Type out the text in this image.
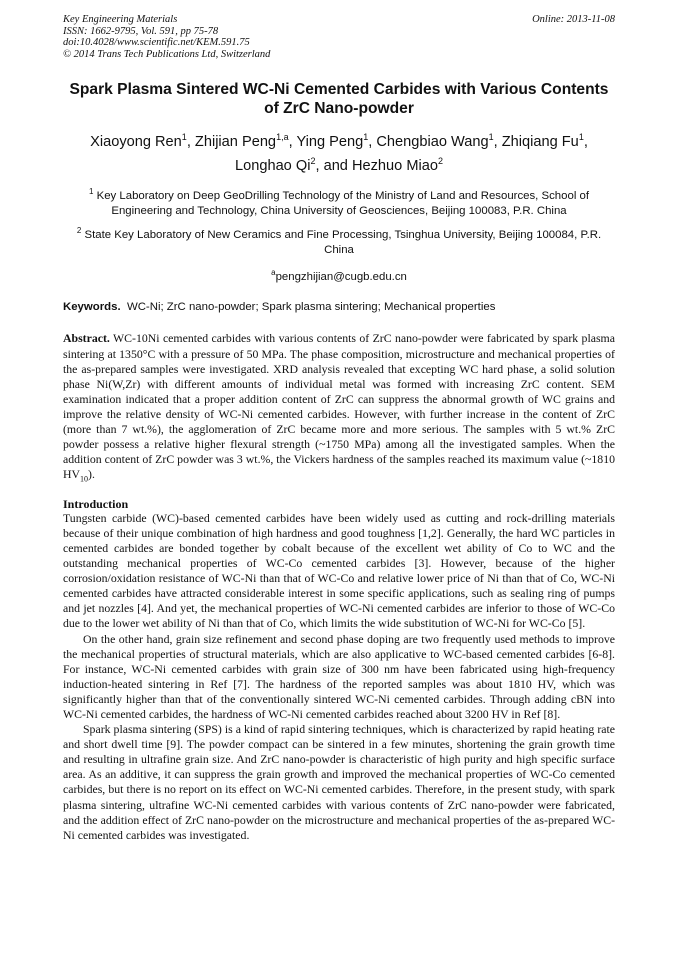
Key Engineering Materials
ISSN: 1662-9795, Vol. 591, pp 75-78
doi:10.4028/www.scientific.net/KEM.591.75
© 2014 Trans Tech Publications Ltd, Switzerland
Online: 2013-11-08
Spark Plasma Sintered WC-Ni Cemented Carbides with Various Contents of ZrC Nano-powder
Xiaoyong Ren$^1$, Zhijian Peng$^{1,a}$, Ying Peng$^1$, Chengbiao Wang$^1$, Zhiqiang Fu$^1$, Longhao Qi$^2$, and Hezhuo Miao$^2$
$^1$ Key Laboratory on Deep GeoDrilling Technology of the Ministry of Land and Resources, School of Engineering and Technology, China University of Geosciences, Beijing 100083, P.R. China
$^2$ State Key Laboratory of New Ceramics and Fine Processing, Tsinghua University, Beijing 100084, P.R. China
$^a$pengzhijian@cugb.edu.cn
Keywords. WC-Ni; ZrC nano-powder; Spark plasma sintering; Mechanical properties
Abstract. WC-10Ni cemented carbides with various contents of ZrC nano-powder were fabricated by spark plasma sintering at 1350°C with a pressure of 50 MPa. The phase composition, microstructure and mechanical properties of the as-prepared samples were investigated. XRD analysis revealed that excepting WC hard phase, a solid solution phase Ni(W,Zr) with different amounts of individual metal was formed with increasing ZrC content. SEM examination indicated that a proper addition content of ZrC can suppress the abnormal growth of WC grains and improve the relative density of WC-Ni cemented carbides. However, with further increase in the content of ZrC (more than 7 wt.%), the agglomeration of ZrC became more and more serious. The samples with 5 wt.% ZrC powder possess a relative higher flexural strength (~1750 MPa) among all the investigated samples. When the addition content of ZrC powder was 3 wt.%, the Vickers hardness of the samples reached its maximum value (~1810 $HV_{10}$).
Introduction

Tungsten carbide (WC)-based cemented carbides have been widely used as cutting and rock-drilling materials because of their unique combination of high hardness and good toughness [1,2]. Generally, the hard WC particles in cemented carbides are bonded together by cobalt because of the excellent wet ability of Co to WC and the outstanding mechanical properties of WC-Co cemented carbides [3]. However, because of the higher corrosion/oxidation resistance of WC-Ni than that of WC-Co and relative lower price of Ni than that of Co, WC-Ni cemented carbides have attracted considerable interest in some specific applications, such as sealing ring of pumps and jet nozzles [4]. And yet, the mechanical properties of WC-Ni cemented carbides are inferior to those of WC-Co due to the lower wet ability of Ni than that of Co, which limits the wide substitution of WC-Ni for WC-Co [5].

On the other hand, grain size refinement and second phase doping are two frequently used methods to improve the mechanical properties of structural materials, which are also applicative to WC-based cemented carbides [6-8]. For instance, WC-Ni cemented carbides with grain size of 300 nm have been fabricated using high-frequency induction-heated sintering in Ref [7]. The hardness of the reported samples was about 1810 HV, which was significantly higher than that of the conventionally sintered WC-Ni cemented carbides. Through adding cBN into WC-Ni cemented carbides, the hardness of WC-Ni cemented carbides reached about 3200 HV in Ref [8].

Spark plasma sintering (SPS) is a kind of rapid sintering techniques, which is characterized by rapid heating rate and short dwell time [9]. The powder compact can be sintered in a few minutes, shortening the grain growth time and resulting in ultrafine grain size. And ZrC nano-powder is characteristic of high purity and high specific surface area. As an additive, it can suppress the grain growth and improved the mechanical properties of WC-Co cemented carbides, but there is no report on its effect on WC-Ni cemented carbides. Therefore, in the present study, with spark plasma sintering, ultrafine WC-Ni cemented carbides with various contents of ZrC nano-powder were fabricated, and the addition effect of ZrC nano-powder on the microstructure and mechanical properties of the as-prepared WC-Ni cemented carbides was investigated.
